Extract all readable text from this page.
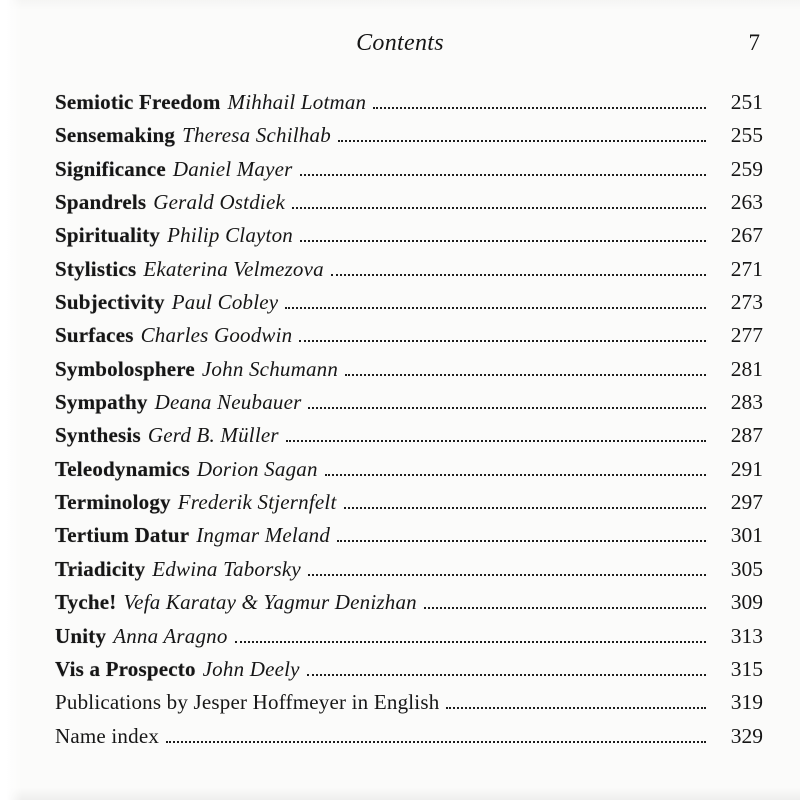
Contents	7
Semiotic Freedom Mihhail Lotman	251
Sensemaking Theresa Schilhab	255
Significance Daniel Mayer	259
Spandrels Gerald Ostdiek	263
Spirituality Philip Clayton	267
Stylistics Ekaterina Velmezova	271
Subjectivity Paul Cobley	273
Surfaces Charles Goodwin	277
Symbolosphere John Schumann	281
Sympathy Deana Neubauer	283
Synthesis Gerd B. Müller	287
Teleodynamics Dorion Sagan	291
Terminology Frederik Stjernfelt	297
Tertium Datur Ingmar Meland	301
Triadicity Edwina Taborsky	305
Tyche! Vefa Karatay & Yagmur Denizhan	309
Unity Anna Aragno	313
Vis a Prospecto John Deely	315
Publications by Jesper Hoffmeyer in English	319
Name index	329
